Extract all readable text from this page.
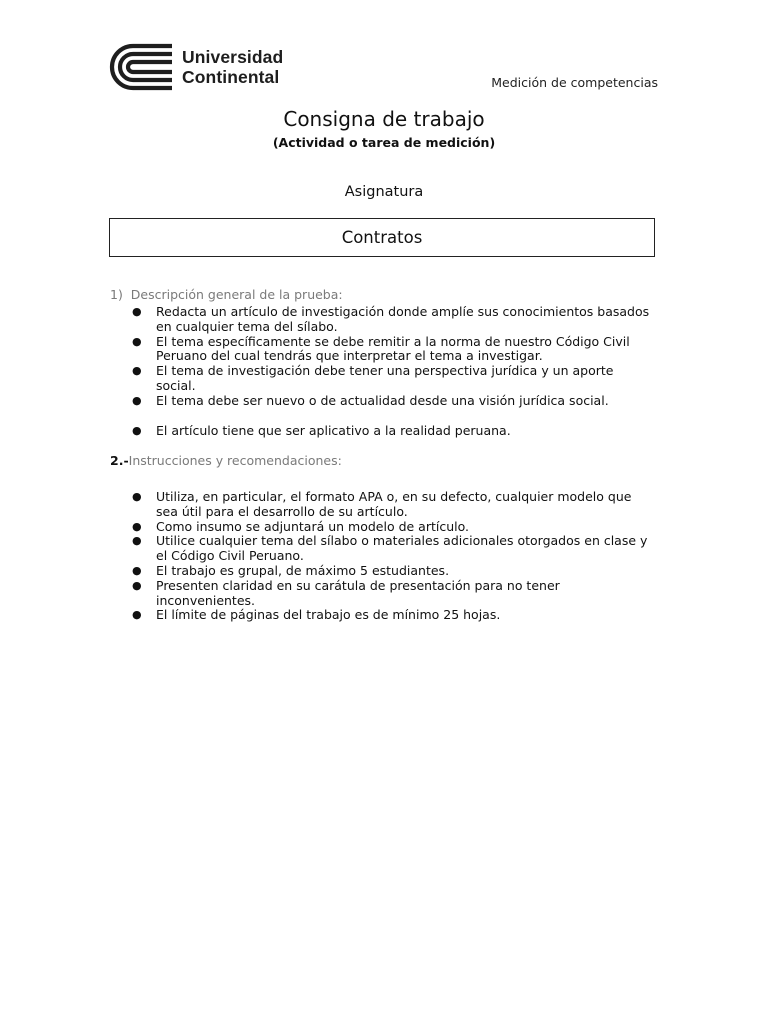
Universidad
Continental	Medición de competencias
Consigna de trabajo
(Actividad o tarea de medición)
Asignatura
Contratos
1) Descripción general de la prueba:
● Redacta un artículo de investigación donde amplíe sus conocimientos basados
en cualquier tema del sílabo.
● El tema específicamente se debe remitir a la norma de nuestro Código Civil
Peruano del cual tendrás que interpretar el tema a investigar.
● El tema de investigación debe tener una perspectiva jurídica y un aporte
social.
● El tema debe ser nuevo o de actualidad desde una visión jurídica social.
● El artículo tiene que ser aplicativo a la realidad peruana.
2.-Instrucciones y recomendaciones:
● Utiliza, en particular, el formato APA o, en su defecto, cualquier modelo que
sea útil para el desarrollo de su artículo.
● Como insumo se adjuntará un modelo de artículo.
● Utilice cualquier tema del sílabo o materiales adicionales otorgados en clase y
el Código Civil Peruano.
● El trabajo es grupal, de máximo 5 estudiantes.
● Presenten claridad en su carátula de presentación para no tener
inconvenientes.
● El límite de páginas del trabajo es de mínimo 25 hojas.
